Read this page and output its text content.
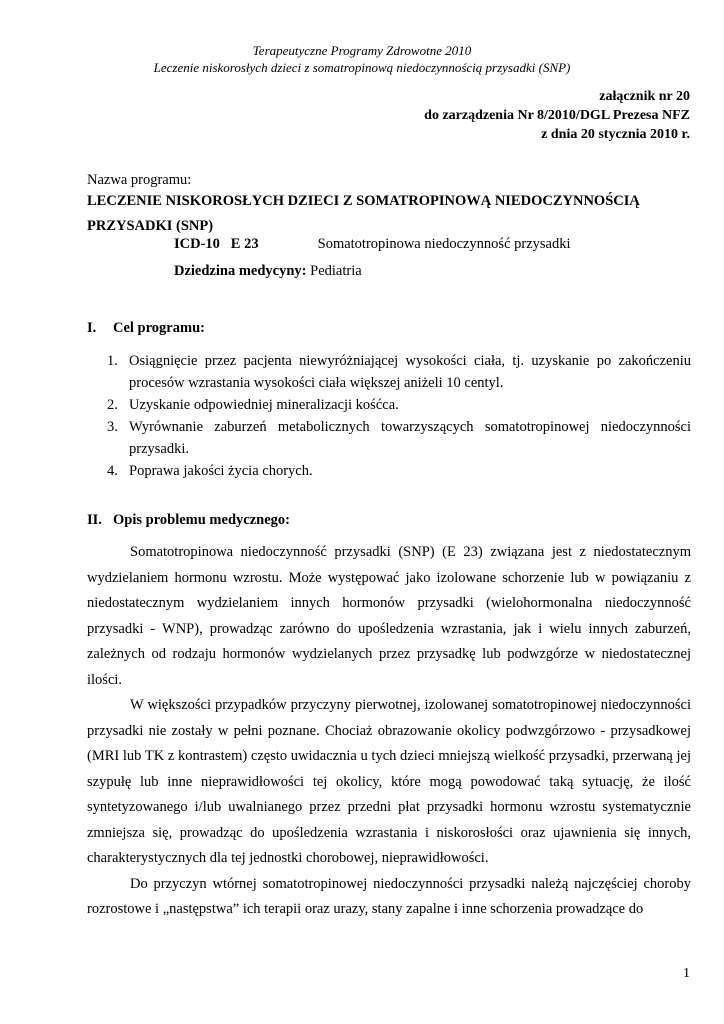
Terapeutyczne Programy Zdrowotne 2010
Leczenie niskorosłych dzieci z somatropinową niedoczynnością przysadki (SNP)
załącznik nr 20
do zarządzenia Nr 8/2010/DGL Prezesa NFZ
z dnia 20 stycznia 2010 r.
Nazwa programu:
LECZENIE NISKOROSŁYCH DZIECI Z SOMATROPINOWĄ NIEDOCZYNNOŚCIĄ
PRZYSADKI (SNP)
ICD-10   E 23	Somatotropinowa niedoczynność przysadki
Dziedzina medycyny: Pediatria
I. Cel programu:
1. Osiągnięcie przez pacjenta niewyróżniającej wysokości ciała, tj. uzyskanie po zakończeniu procesów wzrastania wysokości ciała większej aniżeli 10 centyl.
2. Uzyskanie odpowiedniej mineralizacji kośćca.
3. Wyrównanie zaburzeń metabolicznych towarzyszących somatotropinowej niedoczynności przysadki.
4. Poprawa jakości życia chorych.
II. Opis problemu medycznego:

Somatotropinowa niedoczynność przysadki (SNP) (E 23) związana jest z niedostatecznym wydzielaniem hormonu wzrostu. Może występować jako izolowane schorzenie lub w powiązaniu z niedostatecznym wydzielaniem innych hormonów przysadki (wielohormonalna niedoczynność przysadki - WNP), prowadząc zarówno do upośledzenia wzrastania, jak i wielu innych zaburzeń, zależnych od rodzaju hormonów wydzielanych przez przysadkę lub podwzgórze w niedostatecznej ilości.

W większości przypadków przyczyny pierwotnej, izolowanej somatotropinowej niedoczynności przysadki nie zostały w pełni poznane. Chociaż obrazowanie okolicy podwzgórzowo - przysadkowej (MRI lub TK z kontrastem) często uwidacznia u tych dzieci mniejszą wielkość przysadki, przerwaną jej szypułę lub inne nieprawidłowości tej okolicy, które mogą powodować taką sytuację, że ilość syntetyzowanego i/lub uwalnianego przez przedni płat przysadki hormonu wzrostu systematycznie zmniejsza się, prowadząc do upośledzenia wzrastania i niskorosłości oraz ujawnienia się innych, charakterystycznych dla tej jednostki chorobowej, nieprawidłowości.

Do przyczyn wtórnej somatotropinowej niedoczynności przysadki należą najczęściej choroby rozrostowe i „następstwa” ich terapii oraz urazy, stany zapalne i inne schorzenia prowadzące do

1
